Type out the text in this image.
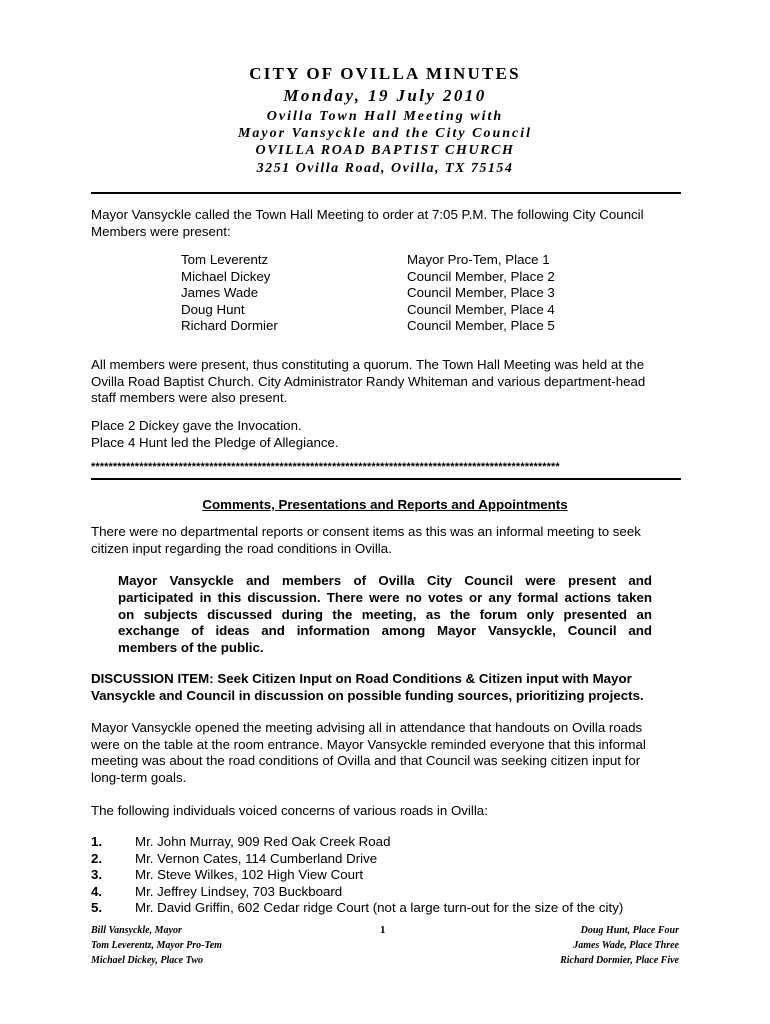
CITY OF OVILLA MINUTES
Monday, 19 July 2010
Ovilla Town Hall Meeting with
Mayor Vansyckle and the City Council
OVILLA ROAD BAPTIST CHURCH
3251 Ovilla Road, Ovilla, TX 75154
Mayor Vansyckle called the Town Hall Meeting to order at 7:05 P.M. The following City Council
Members were present:
Tom Leverentz
Michael Dickey
James Wade
Doug Hunt
Richard Dormier
Mayor Pro-Tem, Place 1
Council Member, Place 2
Council Member, Place 3
Council Member, Place 4
Council Member, Place 5
All members were present, thus constituting a quorum. The Town Hall Meeting was held at the
Ovilla Road Baptist Church. City Administrator Randy Whiteman and various department-head
staff members were also present.
Place 2 Dickey gave the Invocation.
Place 4 Hunt led the Pledge of Allegiance.
***********************************************************************************************************
Comments, Presentations and Reports and Appointments
There were no departmental reports or consent items as this was an informal meeting to seek
citizen input regarding the road conditions in Ovilla.
Mayor Vansyckle and members of Ovilla City Council were present and
participated in this discussion. There were no votes or any formal actions taken
on subjects discussed during the meeting, as the forum only presented an
exchange of ideas and information among Mayor Vansyckle, Council and
members of the public.
DISCUSSION ITEM: Seek Citizen Input on Road Conditions & Citizen input with Mayor
Vansyckle and Council in discussion on possible funding sources, prioritizing projects.
Mayor Vansyckle opened the meeting advising all in attendance that handouts on Ovilla roads
were on the table at the room entrance. Mayor Vansyckle reminded everyone that this informal
meeting was about the road conditions of Ovilla and that Council was seeking citizen input for
long-term goals.
The following individuals voiced concerns of various roads in Ovilla:
1. Mr. John Murray, 909 Red Oak Creek Road
2. Mr. Vernon Cates, 114 Cumberland Drive
3. Mr. Steve Wilkes, 102 High View Court
4. Mr. Jeffrey Lindsey, 703 Buckboard
5. Mr. David Griffin, 602 Cedar ridge Court (not a large turn-out for the size of the city)
Bill Vansyckle, Mayor
Tom Leverentz, Mayor Pro-Tem
Michael Dickey, Place Two
1	Doug Hunt, Place Four
James Wade, Place Three
Richard Dormier, Place Five
